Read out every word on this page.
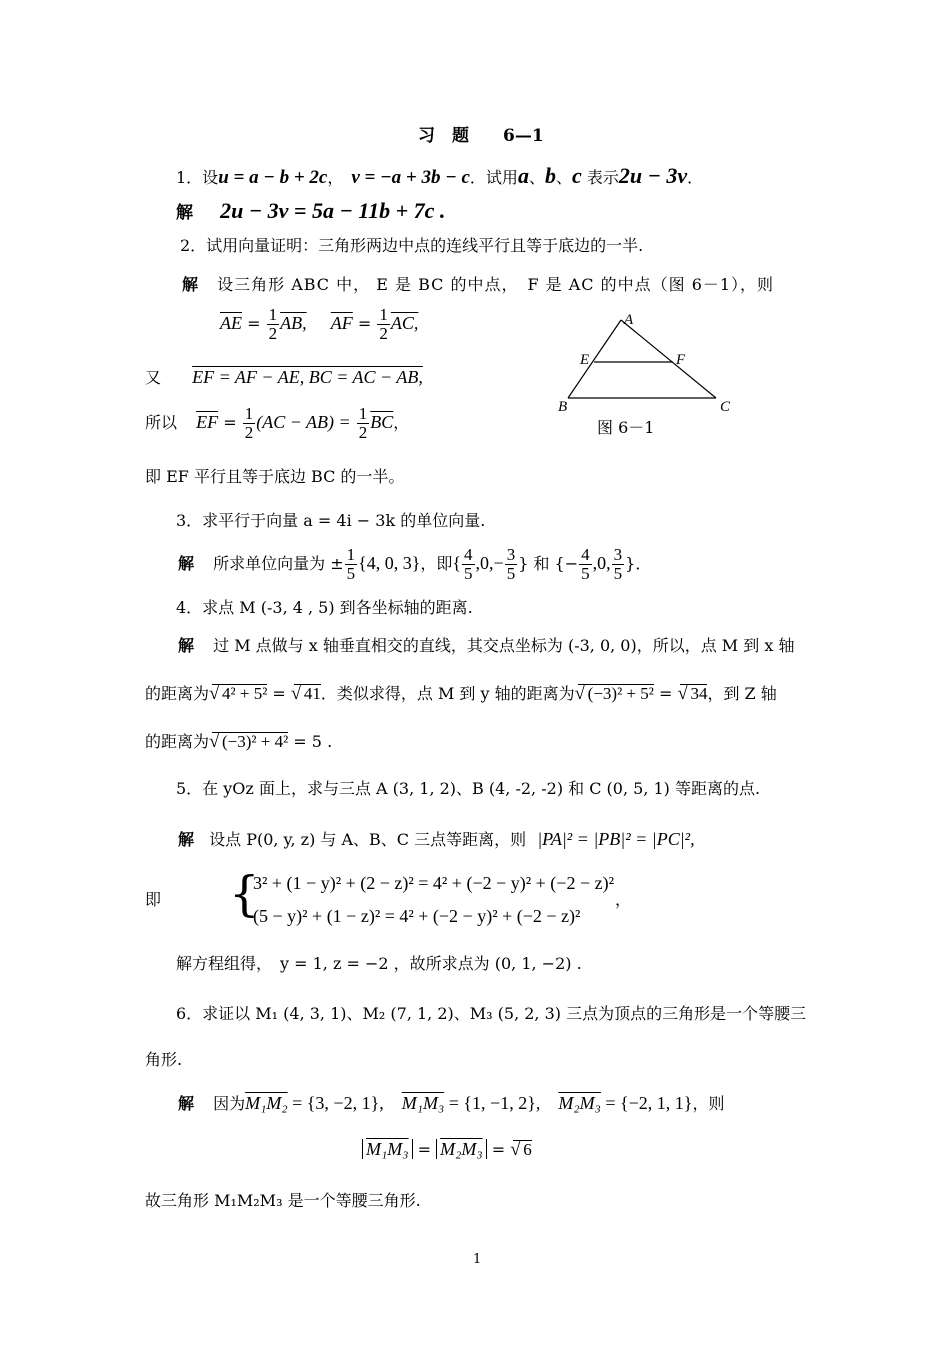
习　题　　6—1
1．设u = a − b + 2c，　v = −a + 3b − c．试用a、b、c 表示2u − 3v．
解 2u − 3v = 5a − 11b + 7c .
2．试用向量证明：三角形两边中点的连线平行且等于底边的一半.
解 设三角形 ABC 中， E 是 BC 的中点，　F 是 AC 的中点（图 6－1），则
$\overline{AE} = \frac{1}{2}$ AB, $\overline{AF} = \frac{1}{2}$ AC,
又 EF = AF − AE, BC = AC − AB,
所以 $\overline{EF} = \frac{1}{2} (AC - AB) = \frac{1}{2} \overline{BC}$，
A
E	F
B	C
图 6－1
即 EF 平行且等于底边 BC 的一半。
3．求平行于向量 a = 4i − 3k 的单位向量.
解 所求单位向量为 ± $\frac{1}{5} \{4$, 0, 3}，即{ $\frac{4}{5} ,0,- \frac{3}{5}$ } 和 {− $\frac{4}{5} ,0$, $\frac{3}{5}$ }．
4．求点 M (-3, 4 , 5) 到各坐标轴的距离.
解 过 M 点做与 x 轴垂直相交的直线，其交点坐标为 (-3, 0, 0)，所以，点 M 到 x 轴
的距离为 √ 4² + 5² = √ 41．类似求得，点 M 到 y 轴的距离为 √ (−3)² + 5² = √ 34，到 Z 轴
的距离为 √ (−3)² + 4² = 5 .
5．在 yOz 面上，求与三点 A (3, 1, 2)、B (4, -2, -2) 和 C (0, 5, 1) 等距离的点.
解 设点 P(0, y, z) 与 A、B、C 三点等距离，则 |PA|² = |PB|² = |PC|²,
即 {
3² + (1 − y)² + (2 − z)² = 4² + (−2 − y)² + (−2 − z)²
(5 − y)² + (1 − z)² = 4² + (−2 − y)² + (−2 − z)²
，
解方程组得，　y = 1, z = −2 ，故所求点为 (0, 1, −2) .
6．求证以 M₁ (4, 3, 1)、M₂ (7, 1, 2)、M₃ (5, 2, 3) 三点为顶点的三角形是一个等腰三
角形.
解 因为M₁M₂ = {3, −2, 1},　M₁M₃ = {1, −1, 2},　M₂M₃ = {−2, 1, 1}，则
M₁M₃ = M₂M₃ = √ 6
故三角形 M₁M₂M₃ 是一个等腰三角形.
1
